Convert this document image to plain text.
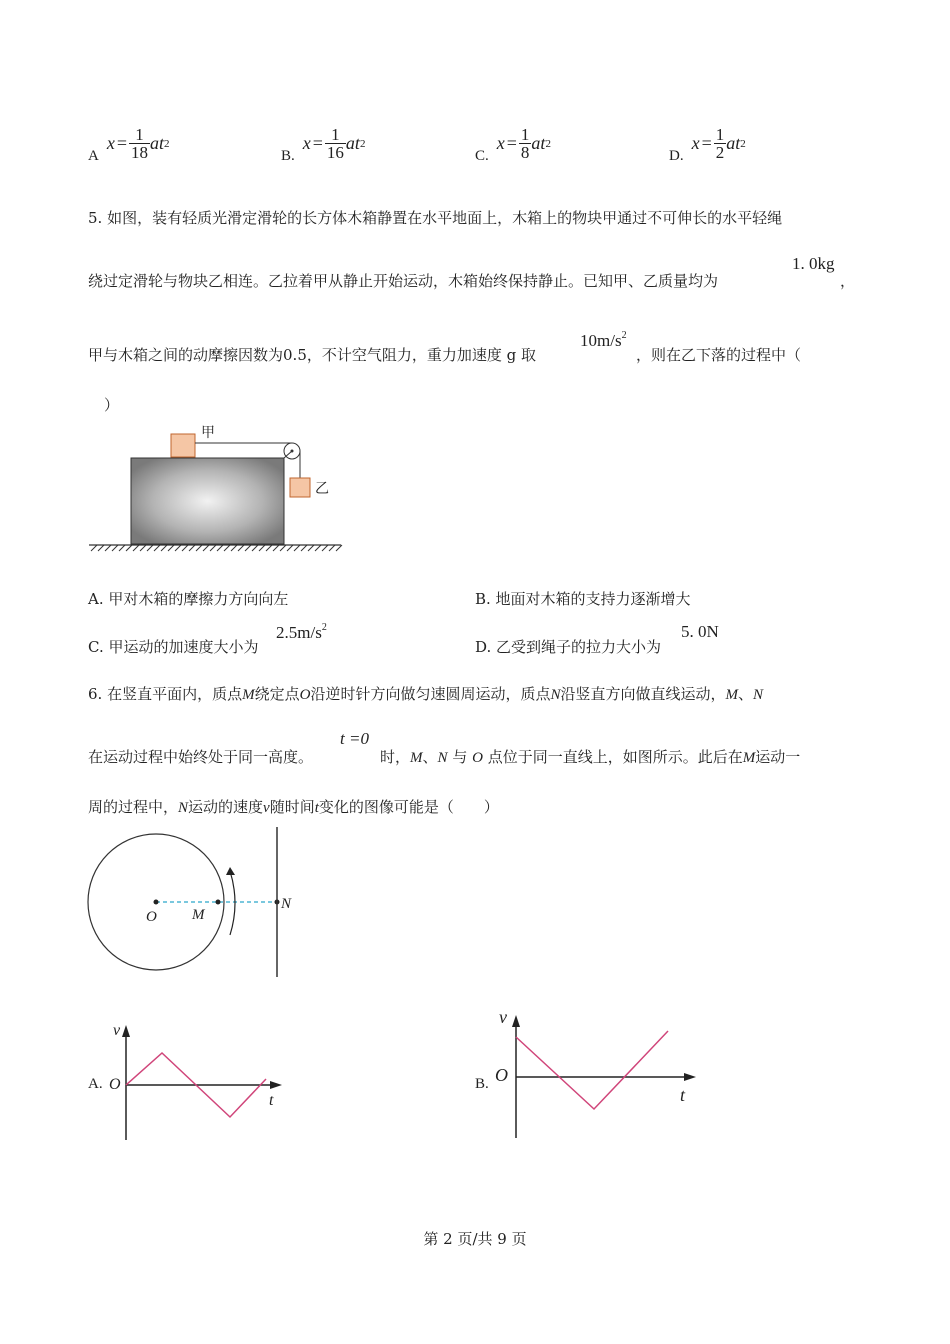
A
$x = \frac{1}{18}$ at 2
B.
$x = \frac{1}{16}$ at 2
C.
$x = \frac{1}{8}$ at 2
D.
$x = \frac{1}{2}$ at 2
5. 如图，装有轻质光滑定滑轮的长方体木箱静置在水平地面上，木箱上的物块甲通过不可伸长的水平轻绳
绕过定滑轮与物块乙相连。乙拉着甲从静止开始运动，木箱始终保持静止。已知甲、乙质量均为
1. 0kg
，
甲与木箱之间的动摩擦因数为0.5，不计空气阻力，重力加速度 g 取
$10m/s^2$
，则在乙下落的过程中（
）
甲
乙
A. 甲对木箱的摩擦力方向向左	B. 地面对木箱的支持力逐渐增大
C. 甲运动的加速度大小为
$2.5m/s^2$
D. 乙受到绳子的拉力大小为
5. 0N
6. 在竖直平面内，质点M绕定点O沿逆时针方向做匀速圆周运动，质点N沿竖直方向做直线运动，M、N
在运动过程中始终处于同一高度。
t =0
时，M、N 与 O 点位于同一直线上，如图所示。此后在M运动一
周的过程中，N运动的速度v随时间t变化的图像可能是（　　）
O M
N
A.
v
O
t
B.
v
O
t
第 2 页/共 9 页
